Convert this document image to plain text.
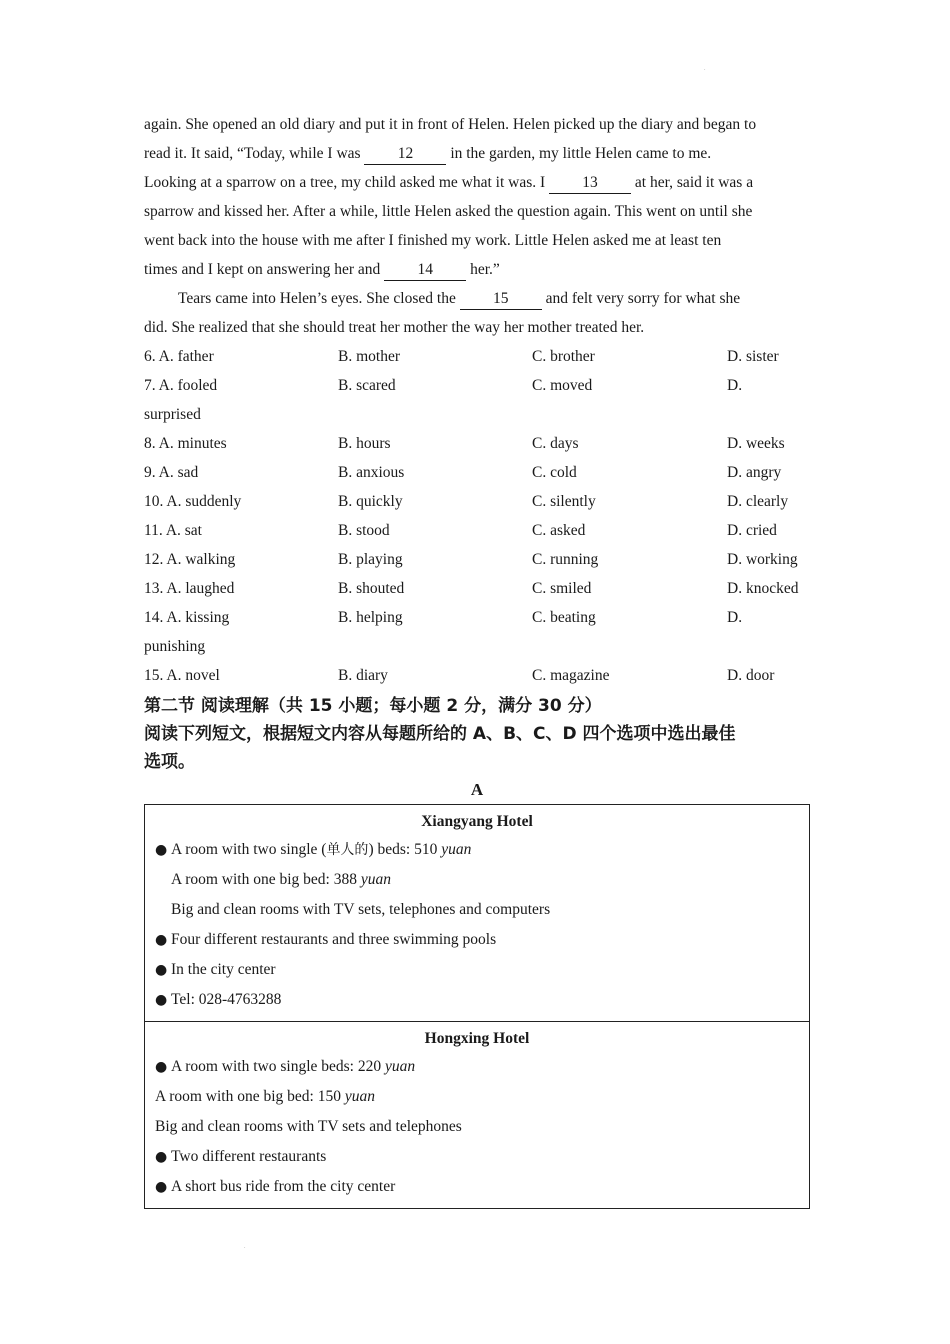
.
.
again. She opened an old diary and put it in front of Helen. Helen picked up the diary and began to
read it. It said, “Today, while I was 12 in the garden, my little Helen came to me.
Looking at a sparrow on a tree, my child asked me what it was. I 13 at her, said it was a
sparrow and kissed her. After a while, little Helen asked the question again. This went on until she
went back into the house with me after I finished my work. Little Helen asked me at least ten
times and I kept on answering her and 14 her.”
Tears came into Helen’s eyes. She closed the 15 and felt very sorry for what she
did. She realized that she should treat her mother the way her mother treated her.
6. A. father	B. mother	C. brother	D. sister
7. A. fooled	B. scared	C. moved	D.
surprised
8. A. minutes	B. hours	C. days	D. weeks
9. A. sad	B. anxious	C. cold	D. angry
10. A. suddenly	B. quickly	C. silently	D. clearly
11. A. sat	B. stood	C. asked	D. cried
12. A. walking	B. playing	C. running	D. working
13. A. laughed	B. shouted	C. smiled	D. knocked
14. A. kissing	B. helping	C. beating	D.
punishing
15. A. novel	B. diary	C. magazine	D. door
第二节 阅读理解（共 15 小题；每小题 2 分，满分 30 分）
阅读下列短文，根据短文内容从每题所给的 A、B、C、D 四个选项中选出最佳
选项。
A
Xiangyang Hotel
● A room with two single (单人的) beds: 510 yuan
A room with one big bed: 388 yuan
Big and clean rooms with TV sets, telephones and computers
● Four different restaurants and three swimming pools
● In the city center
● Tel: 028-4763288
Hongxing Hotel
● A room with two single beds: 220 yuan
A room with one big bed: 150 yuan
Big and clean rooms with TV sets and telephones
● Two different restaurants
● A short bus ride from the city center
